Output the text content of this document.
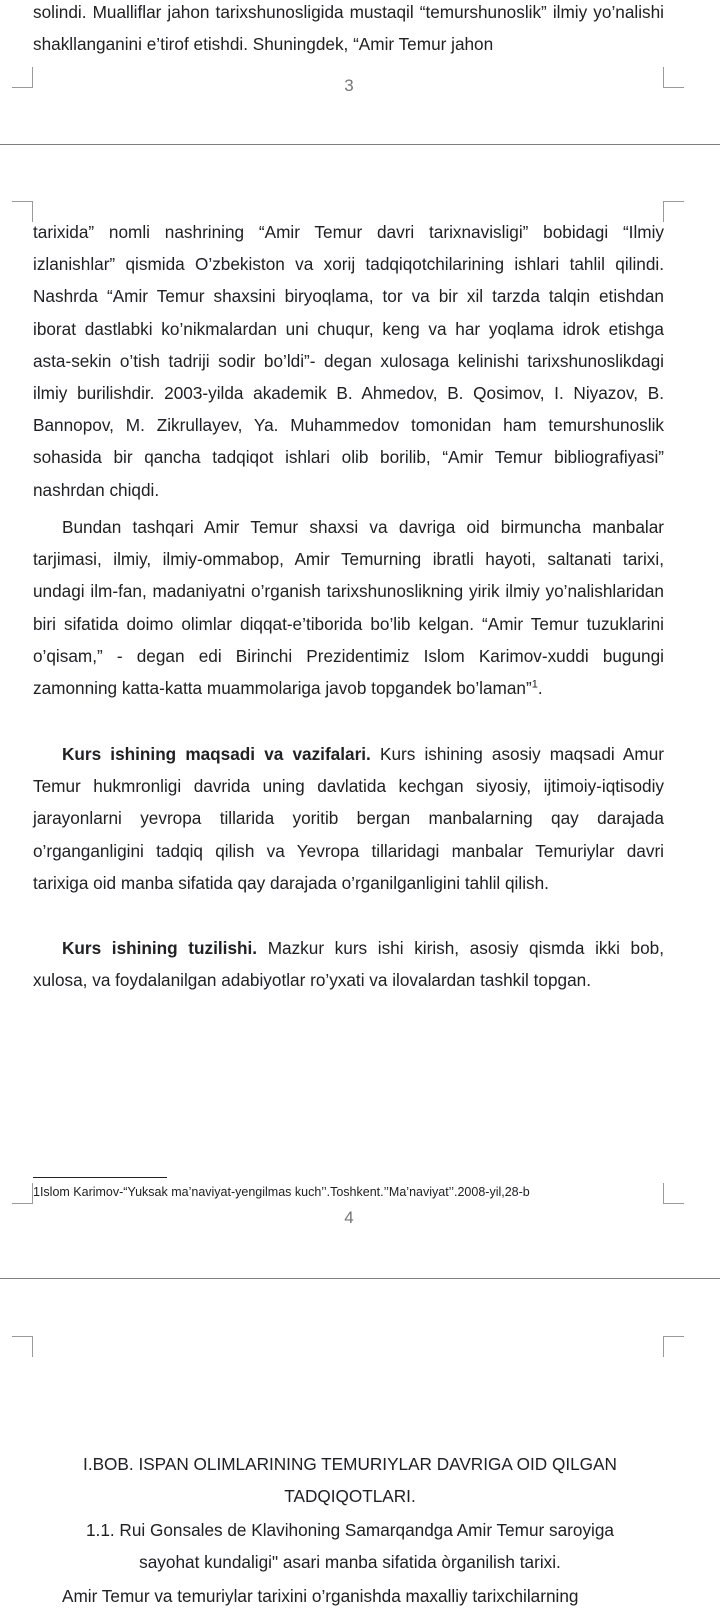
solindi. Mualliflar jahon tarixshunosligida mustaqil “temurshunoslik” ilmiy yo’nalishi shakllanganini e’tirof etishdi. Shuningdek, “Amir Temur jahon

3

tarixida” nomli nashrining “Amir Temur davri tarixnavisligi” bobidagi “Ilmiy izlanishlar” qismida O’zbekiston va xorij tadqiqotchilarining ishlari tahlil qilindi. Nashrda “Amir Temur shaxsini biryoqlama, tor va bir xil tarzda talqin etishdan iborat dastlabki ko’nikmalardan uni chuqur, keng va har yoqlama idrok etishga asta-sekin o’tish tadriji sodir bo’ldi”- degan xulosaga kelinishi tarixshunoslikdagi ilmiy burilishdir. 2003-yilda akademik B. Ahmedov, B. Qosimov, I. Niyazov, B. Bannopov, M. Zikrullayev, Ya. Muhammedov tomonidan ham temurshunoslik sohasida bir qancha tadqiqot ishlari olib borilib, “Amir Temur bibliografiyasi” nashrdan chiqdi.

Bundan tashqari Amir Temur shaxsi va davriga oid birmuncha manbalar tarjimasi, ilmiy, ilmiy-ommabop, Amir Temurning ibratli hayoti, saltanati tarixi, undagi ilm-fan, madaniyatni o’rganish tarixshunoslikning yirik ilmiy yo’nalishlaridan biri sifatida doimo olimlar diqqat-e’tiborida bo’lib kelgan. “Amir Temur tuzuklarini o’qisam,” - degan edi Birinchi Prezidentimiz Islom Karimov-xuddi bugungi zamonning katta-katta muammolariga javob topgandek bo’laman”$^1$.

Kurs ishining maqsadi va vazifalari. Kurs ishining asosiy maqsadi Amur Temur hukmronligi davrida uning davlatida kechgan siyosiy, ijtimoiy-iqtisodiy jarayonlarni yevropa tillarida yoritib bergan manbalarning qay darajada o’rganganligini tadqiq qilish va Yevropa tillaridagi manbalar Temuriylar davri tarixiga oid manba sifatida qay darajada o’rganilganligini tahlil qilish.

Kurs ishining tuzilishi. Mazkur kurs ishi kirish, asosiy qismda ikki bob, xulosa, va foydalanilgan adabiyotlar ro’yxati va ilovalardan tashkil topgan.

1Islom Karimov-“Yuksak ma’naviyat-yengilmas kuch’’.Toshkent.’’Ma’naviyat’’.2008-yil,28-b
4

I.BOB. ISPAN OLIMLARINING TEMURIYLAR DAVRIGA OID QILGAN TADQIQOTLARI.

1.1. Rui Gonsales de Klavihoning Samarqandga Amir Temur saroyiga sayohat kundaligi" asari manba sifatida òrganilish tarixi.

Amir Temur va temuriylar tarixini o’rganishda maxalliy tarixchilarning
